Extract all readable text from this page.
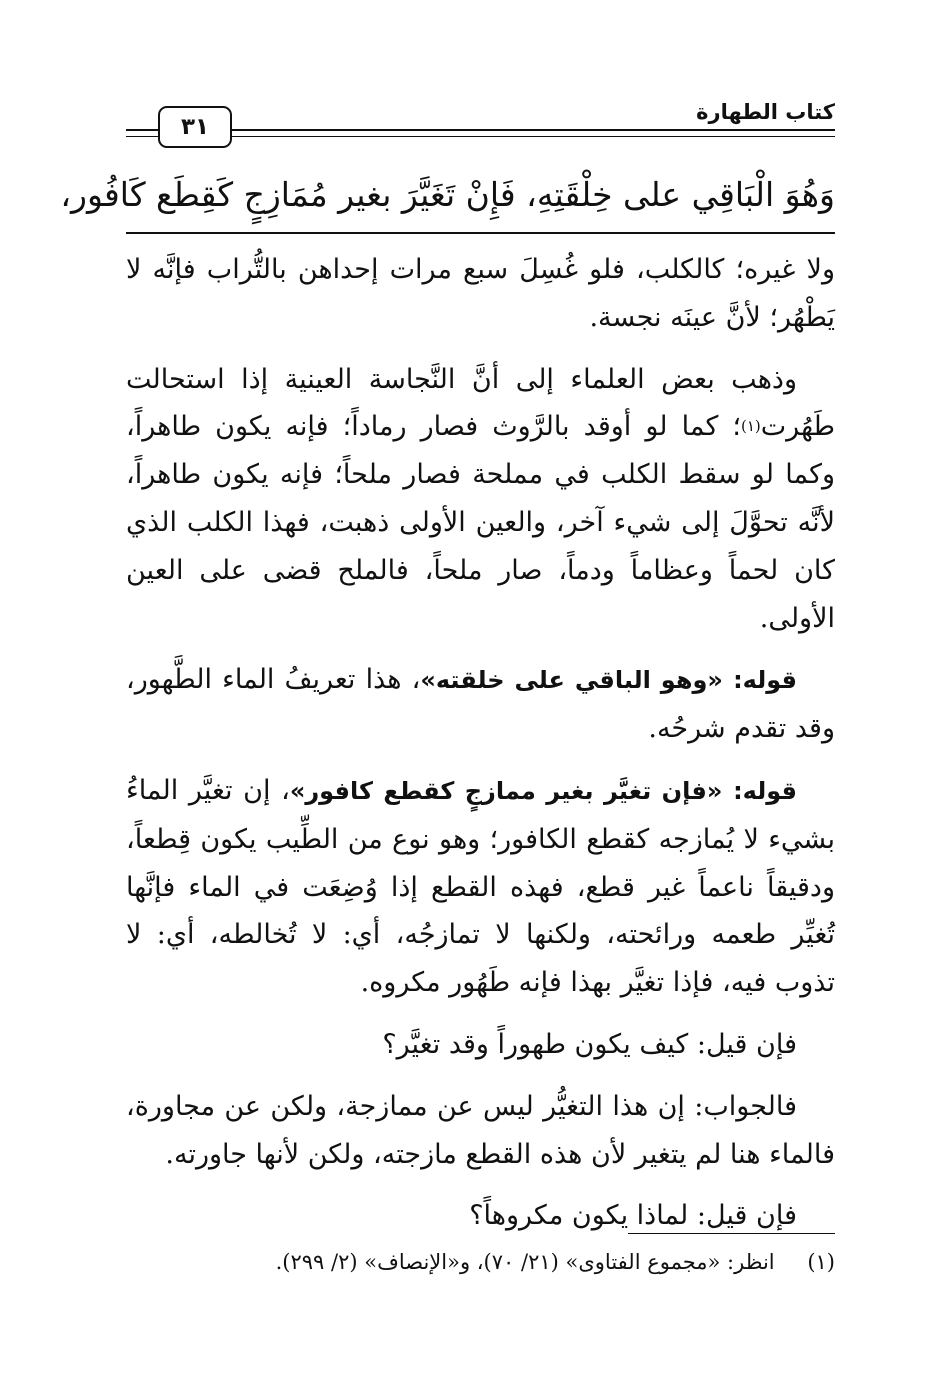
كتاب الطهارة
٣١
وَهُوَ الْبَاقِي على خِلْقَتِهِ، فَإِنْ تَغَيَّرَ بغير مُمَازِجٍ كَقِطَع كَافُور،

ولا غيره؛ كالكلب، فلو غُسِلَ سبع مرات إحداهن بالتُّراب فإنَّه لا يَطْهُر؛ لأنَّ عينَه نجسة.

وذهب بعض العلماء إلى أنَّ النَّجاسة العينية إذا استحالت طَهُرت$^{(١)}$؛ كما لو أوقد بالرَّوث فصار رماداً؛ فإنه يكون طاهراً، وكما لو سقط الكلب في مملحة فصار ملحاً؛ فإنه يكون طاهراً، لأنَّه تحوَّلَ إلى شيء آخر، والعين الأولى ذهبت، فهذا الكلب الذي كان لحماً وعظاماً ودماً، صار ملحاً، فالملح قضى على العين الأولى.

قوله: «وهو الباقي على خلقته»، هذا تعريفُ الماء الطَّهور، وقد تقدم شرحُه.

قوله: «فإن تغيَّر بغير ممازجٍ كقطع كافور»، إن تغيَّر الماءُ بشيء لا يُمازجه كقطع الكافور؛ وهو نوع من الطِّيب يكون قِطعاً، ودقيقاً ناعماً غير قطع، فهذه القطع إذا وُضِعَت في الماء فإنَّها تُغيِّر طعمه ورائحته، ولكنها لا تمازجُه، أي: لا تُخالطه، أي: لا تذوب فيه، فإذا تغيَّر بهذا فإنه طَهُور مكروه.

فإن قيل: كيف يكون طهوراً وقد تغيَّر؟

فالجواب: إن هذا التغيُّر ليس عن ممازجة، ولكن عن مجاورة، فالماء هنا لم يتغير لأن هذه القطع مازجته، ولكن لأنها جاورته.

فإن قيل: لماذا يكون مكروهاً؟

(١) انظر: «مجموع الفتاوى» (٢١/ ٧٠)، و«الإنصاف» (٢/ ٢٩٩).
